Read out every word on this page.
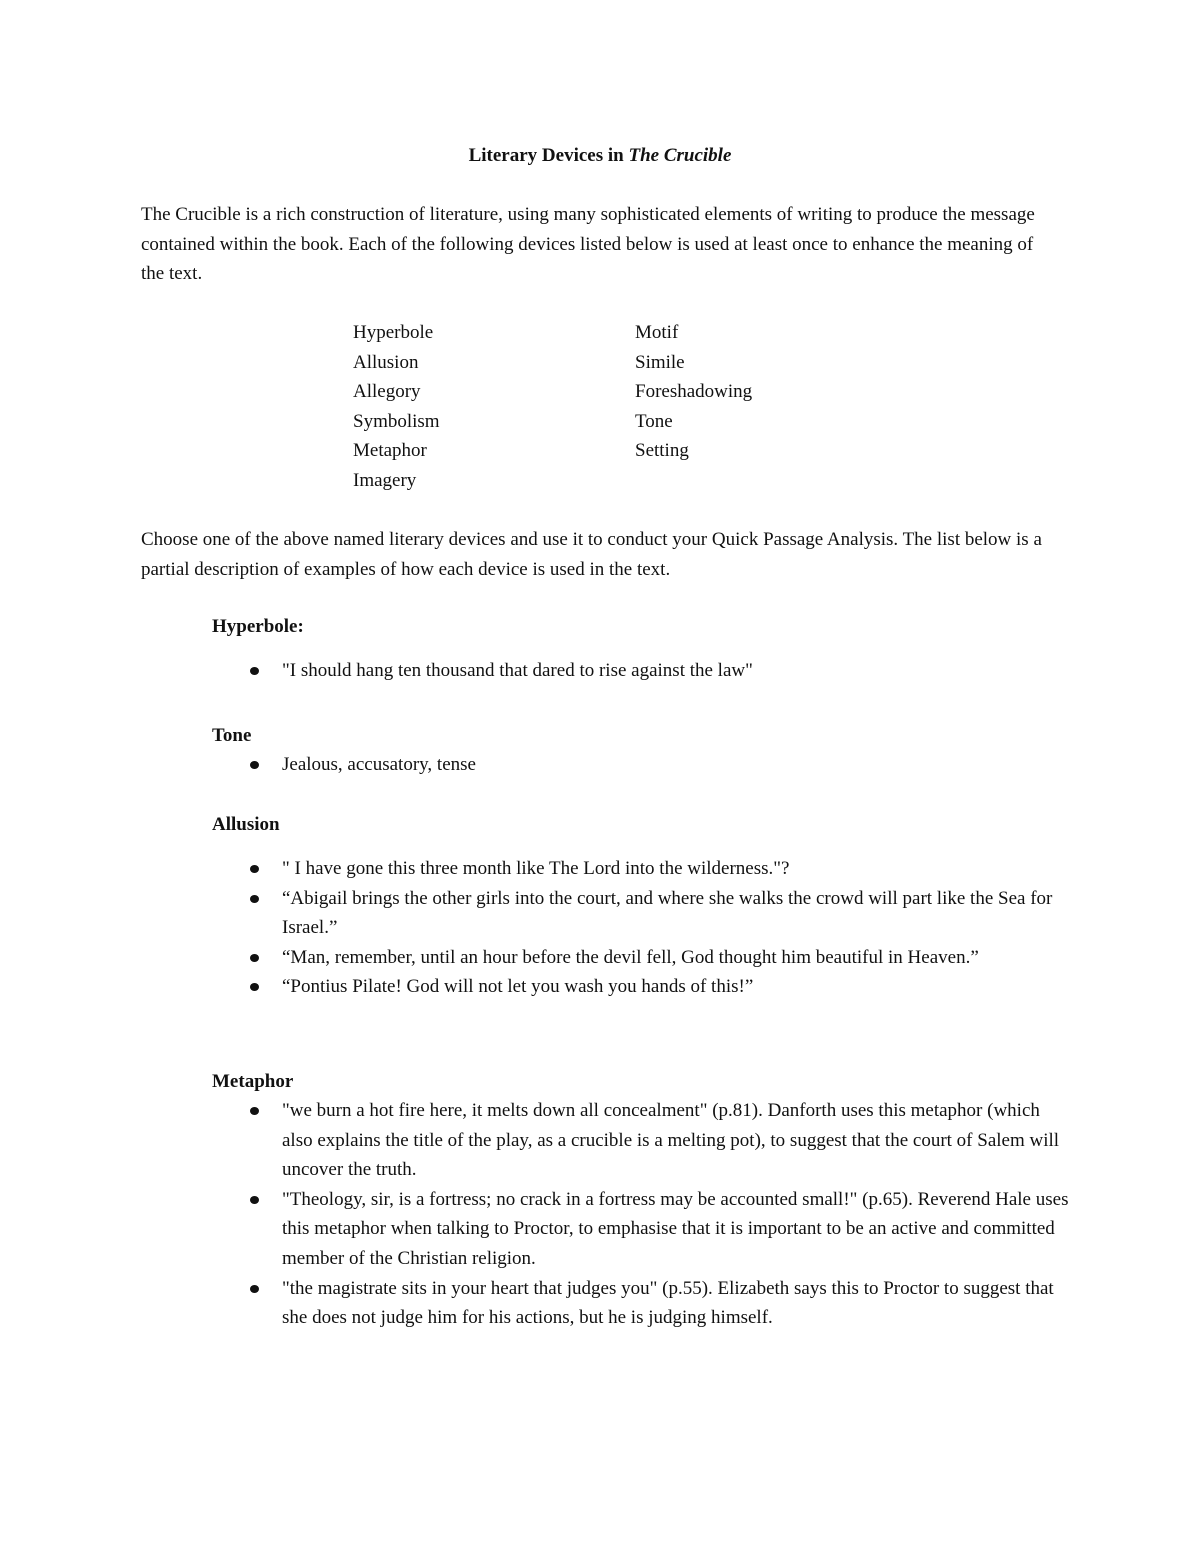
Literary Devices in The Crucible

The Crucible is a rich construction of literature, using many sophisticated elements of writing to produce the message contained within the book. Each of the following devices listed below is used at least once to enhance the meaning of the text.

Hyperbole
Allusion
Allegory
Symbolism
Metaphor
Imagery
Motif
Simile
Foreshadowing
Tone
Setting

Choose one of the above named literary devices and use it to conduct your Quick Passage Analysis. The list below is a partial description of examples of how each device is used in the text.

Hyperbole:

"I should hang ten thousand that dared to rise against the law"

Tone

Jealous, accusatory, tense

Allusion

" I have gone this three month like The Lord into the wilderness."?
“Abigail brings the other girls into the court, and where she walks the crowd will part like the Sea for Israel.”
“Man, remember, until an hour before the devil fell, God thought him beautiful in Heaven.”
“Pontius Pilate! God will not let you wash you hands of this!”

Metaphor

"we burn a hot fire here, it melts down all concealment" (p.81). Danforth uses this metaphor (which also explains the title of the play, as a crucible is a melting pot), to suggest that the court of Salem will uncover the truth.
"Theology, sir, is a fortress; no crack in a fortress may be accounted small!" (p.65). Reverend Hale uses this metaphor when talking to Proctor, to emphasise that it is important to be an active and committed member of the Christian religion.
"the magistrate sits in your heart that judges you" (p.55). Elizabeth says this to Proctor to suggest that she does not judge him for his actions, but he is judging himself.
